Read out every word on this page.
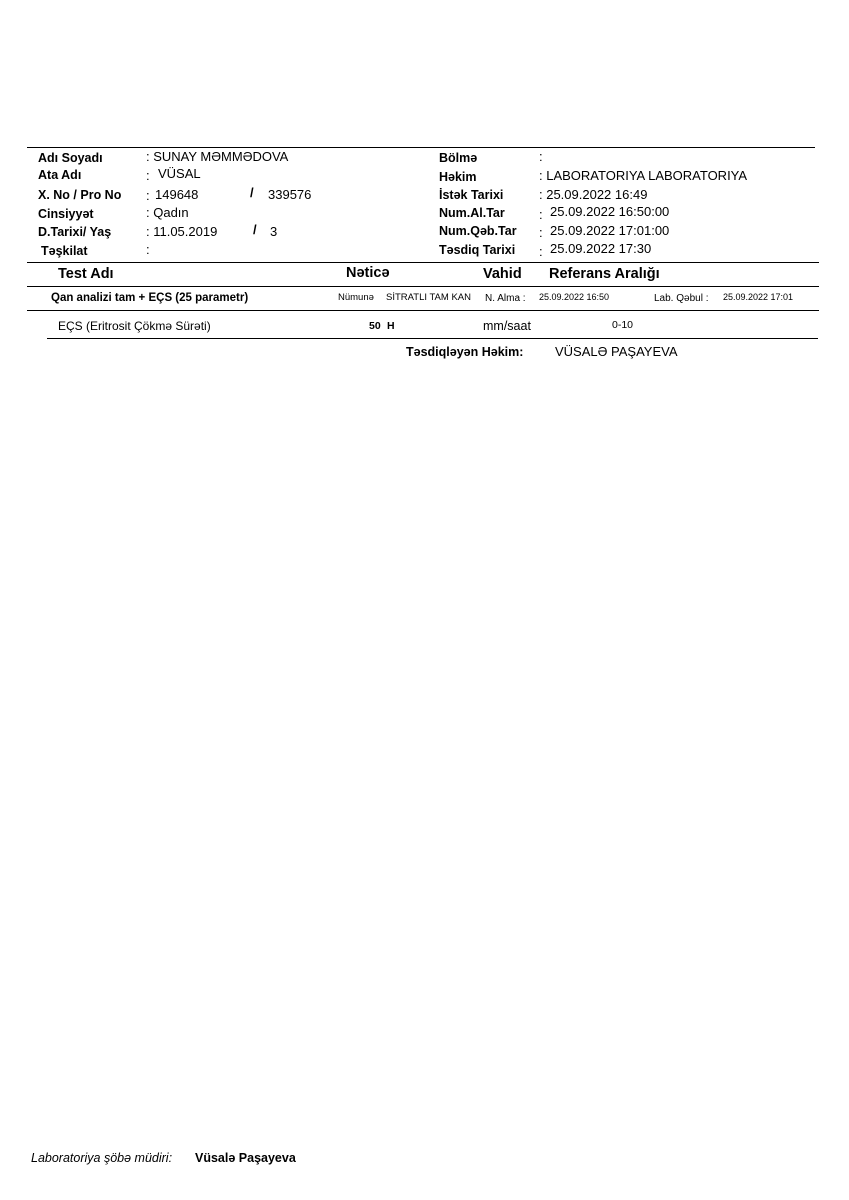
Adı Soyadı	: SUNAY MƏMMƏDOVA
Ata Adı	: VÜSAL
X. No / Pro No : 149648	/ 339576
Cinsiyyət	: Qadın
D.Tarixi/ Yaş	: 11.05.2019	/ 3
Təşkilat	:
Bölmə	:
Həkim	: LABORATORIYA LABORATORIYA
İstək Tarixi	: 25.09.2022 16:49
Num.Al.Tar	: 25.09.2022 16:50:00
Num.Qəb.Tar : 25.09.2022 17:01:00
Təsdiq Tarixi : 25.09.2022 17:30
Test Adı	Nəticə	Vahid Referans Aralığı
Qan analizi tam + EÇS (25 parametr)	Nümunə SİTRATLI TAM KAN N. Alma : 25.09.2022 16:50	Lab. Qəbul : 25.09.2022 17:01
EÇS (Eritrosit Çökmə Sürəti)	50 H	mm/saat	0-10
Təsdiqləyən Həkim: VÜSALƏ PAŞAYEVA
Laboratoriya şöbə müdiri: Vüsalə Paşayeva
